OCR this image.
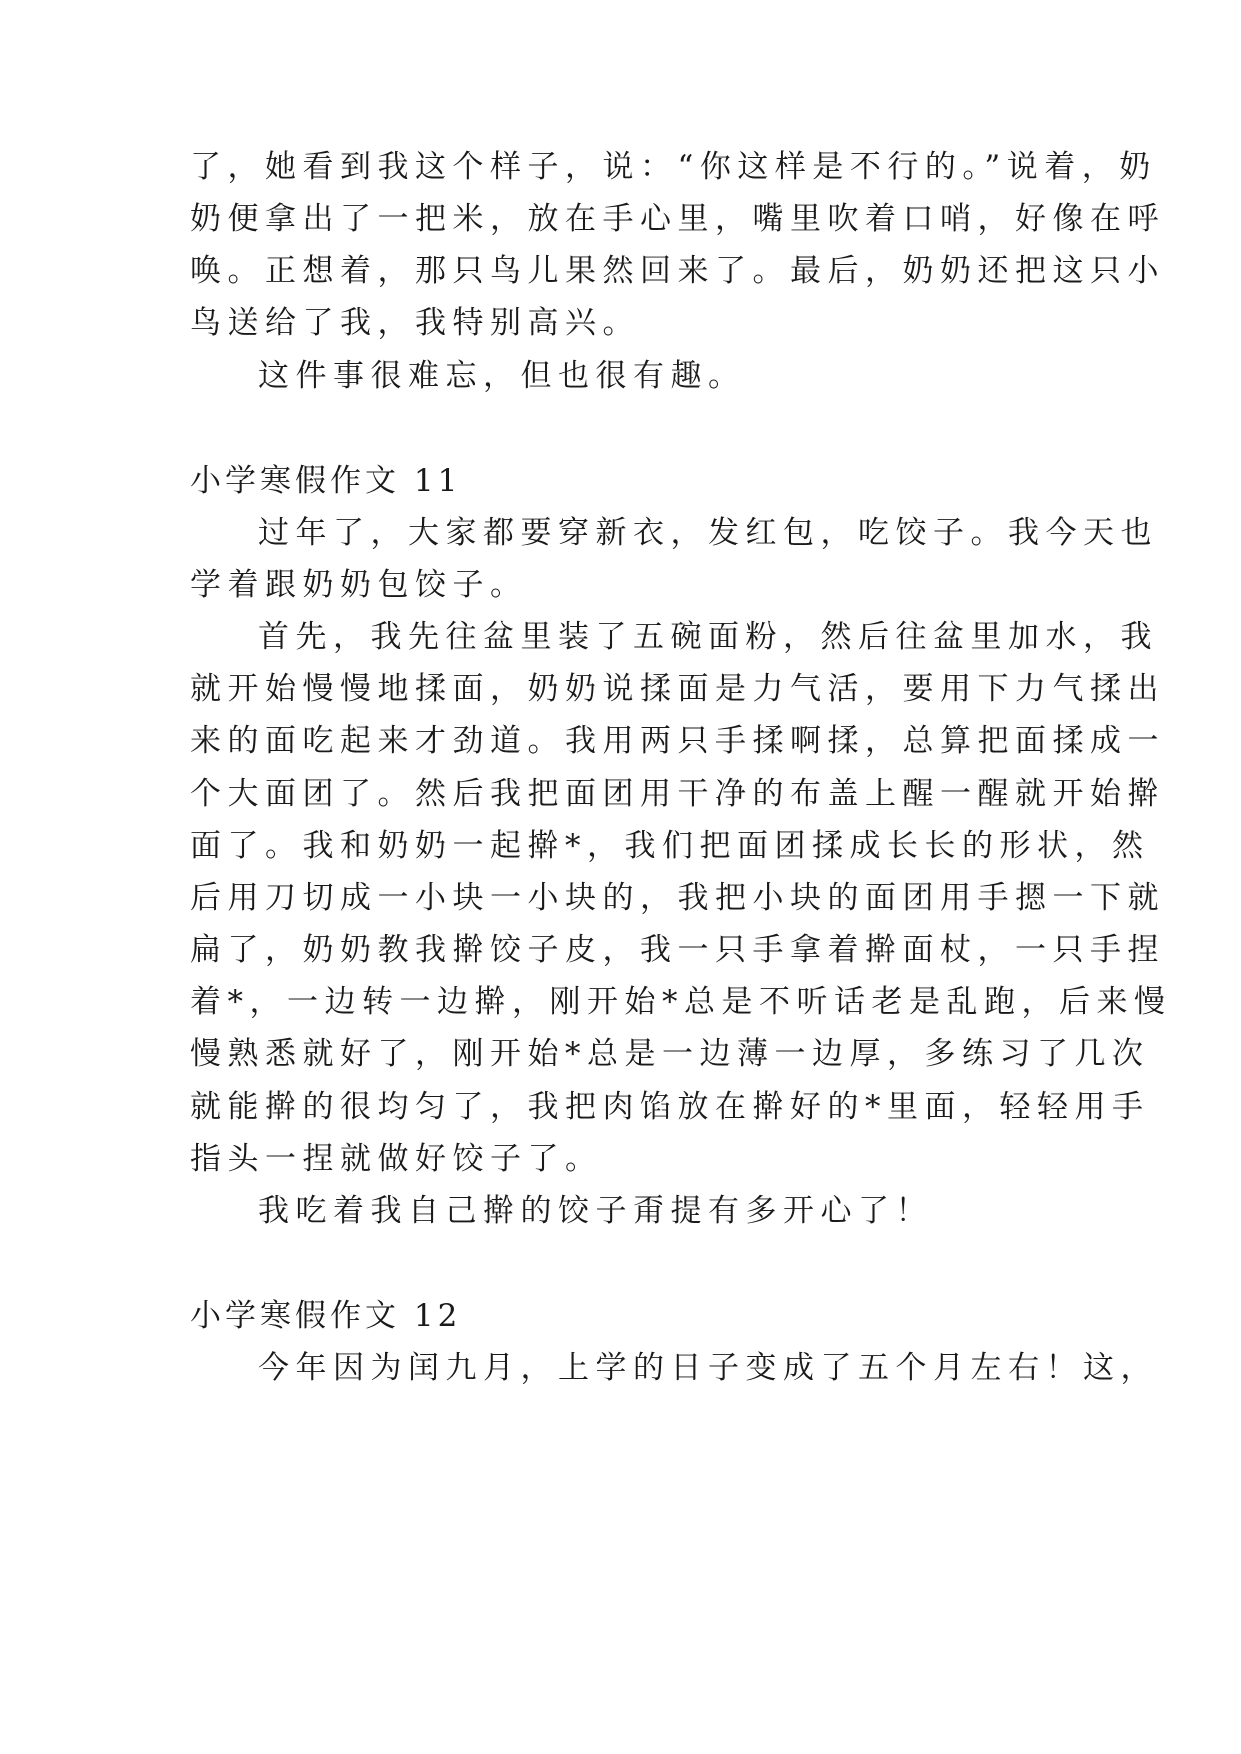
了，她看到我这个样子，说：“你这样是不行的。”说着，奶
奶便拿出了一把米，放在手心里，嘴里吹着口哨，好像在呼
唤。正想着，那只鸟儿果然回来了。最后，奶奶还把这只小
鸟送给了我，我特别高兴。
这件事很难忘，但也很有趣。
小学寒假作文 11
过年了，大家都要穿新衣，发红包，吃饺子。我今天也
学着跟奶奶包饺子。
首先，我先往盆里装了五碗面粉，然后往盆里加水，我
就开始慢慢地揉面，奶奶说揉面是力气活，要用下力气揉出
来的面吃起来才劲道。我用两只手揉啊揉，总算把面揉成一
个大面团了。然后我把面团用干净的布盖上醒一醒就开始擀
面了。我和奶奶一起擀*，我们把面团揉成长长的形状，然
后用刀切成一小块一小块的，我把小块的面团用手摁一下就
扁了，奶奶教我擀饺子皮，我一只手拿着擀面杖，一只手捏
着*，一边转一边擀，刚开始*总是不听话老是乱跑，后来慢
慢熟悉就好了，刚开始*总是一边薄一边厚，多练习了几次
就能擀的很均匀了，我把肉馅放在擀好的*里面，轻轻用手
指头一捏就做好饺子了。
我吃着我自己擀的饺子甭提有多开心了！
小学寒假作文 12
今年因为闰九月，上学的日子变成了五个月左右！这，
